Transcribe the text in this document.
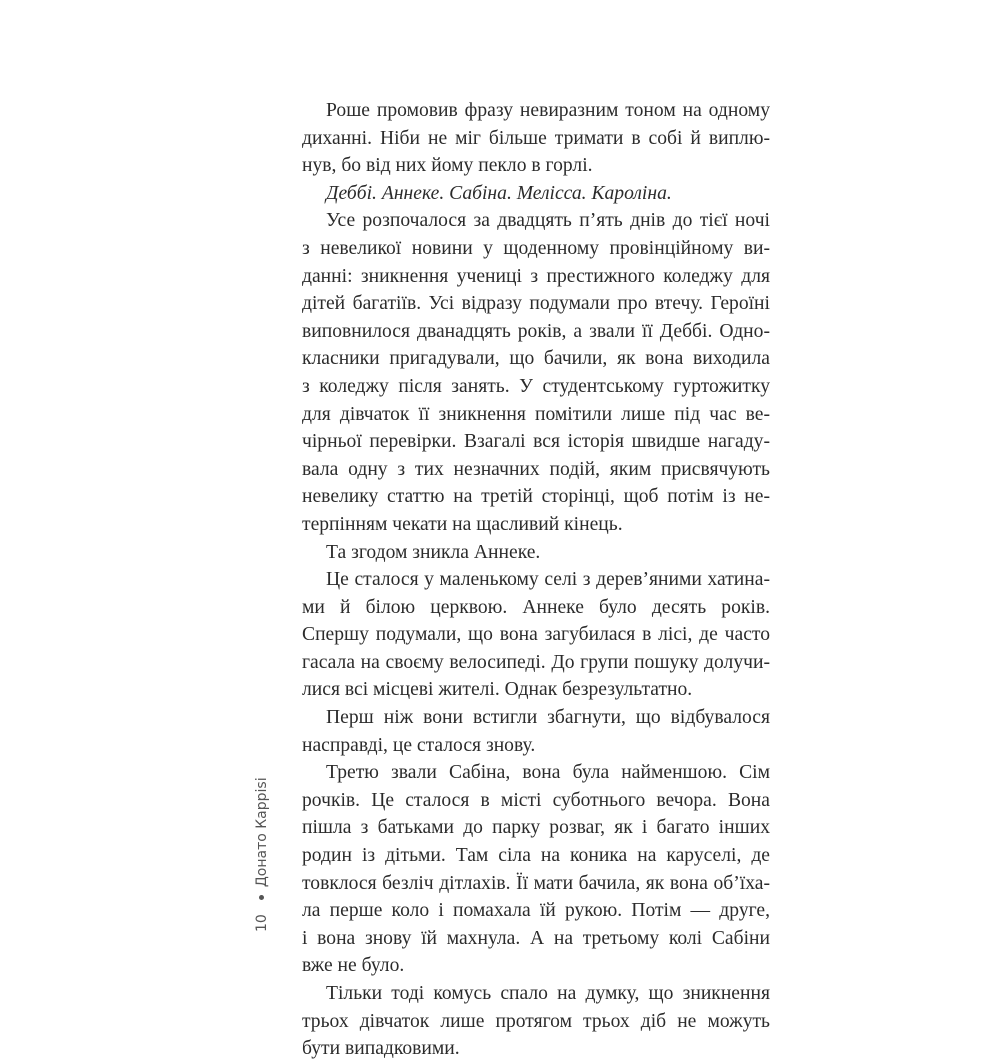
Роше промовив фразу невиразним тоном на одному
диханні. Ніби не міг більше тримати в собі й виплю-
нув, бо від них йому пекло в горлі.
Деббі. Аннеке. Сабіна. Мелісса. Кароліна.
Усе розпочалося за двадцять п’ять днів до тієї ночі
з невеликої новини у щоденному провінційному ви-
данні: зникнення учениці з престижного коледжу для
дітей багатіїв. Усі відразу подумали про втечу. Героїні
виповнилося дванадцять років, а звали її Деббі. Одно-
класники пригадували, що бачили, як вона виходила
з коледжу після занять. У студентському гуртожитку
для дівчаток її зникнення помітили лише під час ве-
чірньої перевірки. Взагалі вся історія швидше нагаду-
вала одну з тих незначних подій, яким присвячують
невелику статтю на третій сторінці, щоб потім із не-
терпінням чекати на щасливий кінець.
Та згодом зникла Аннеке.
Це сталося у маленькому селі з дерев’яними хатина-
ми й білою церквою. Аннеке було десять років.
Спершу подумали, що вона загубилася в лісі, де часто
гасала на своєму велосипеді. До групи пошуку долучи-
лися всі місцеві жителі. Однак безрезультатно.
Перш ніж вони встигли збагнути, що відбувалося
насправді, це сталося знову.
Третю звали Сабіна, вона була найменшою. Сім
рочків. Це сталося в місті суботнього вечора. Вона
пішла з батьками до парку розваг, як і багато інших
родин із дітьми. Там сіла на коника на каруселі, де
товклося безліч дітлахів. Її мати бачила, як вона об’їха-
ла перше коло і помахала їй рукою. Потім — друге,
і вона знову їй махнула. А на третьому колі Сабіни
вже не було.
Тільки тоді комусь спало на думку, що зникнення
трьох дівчаток лише протягом трьох діб не можуть
бути випадковими.
10Донато Карріsi
